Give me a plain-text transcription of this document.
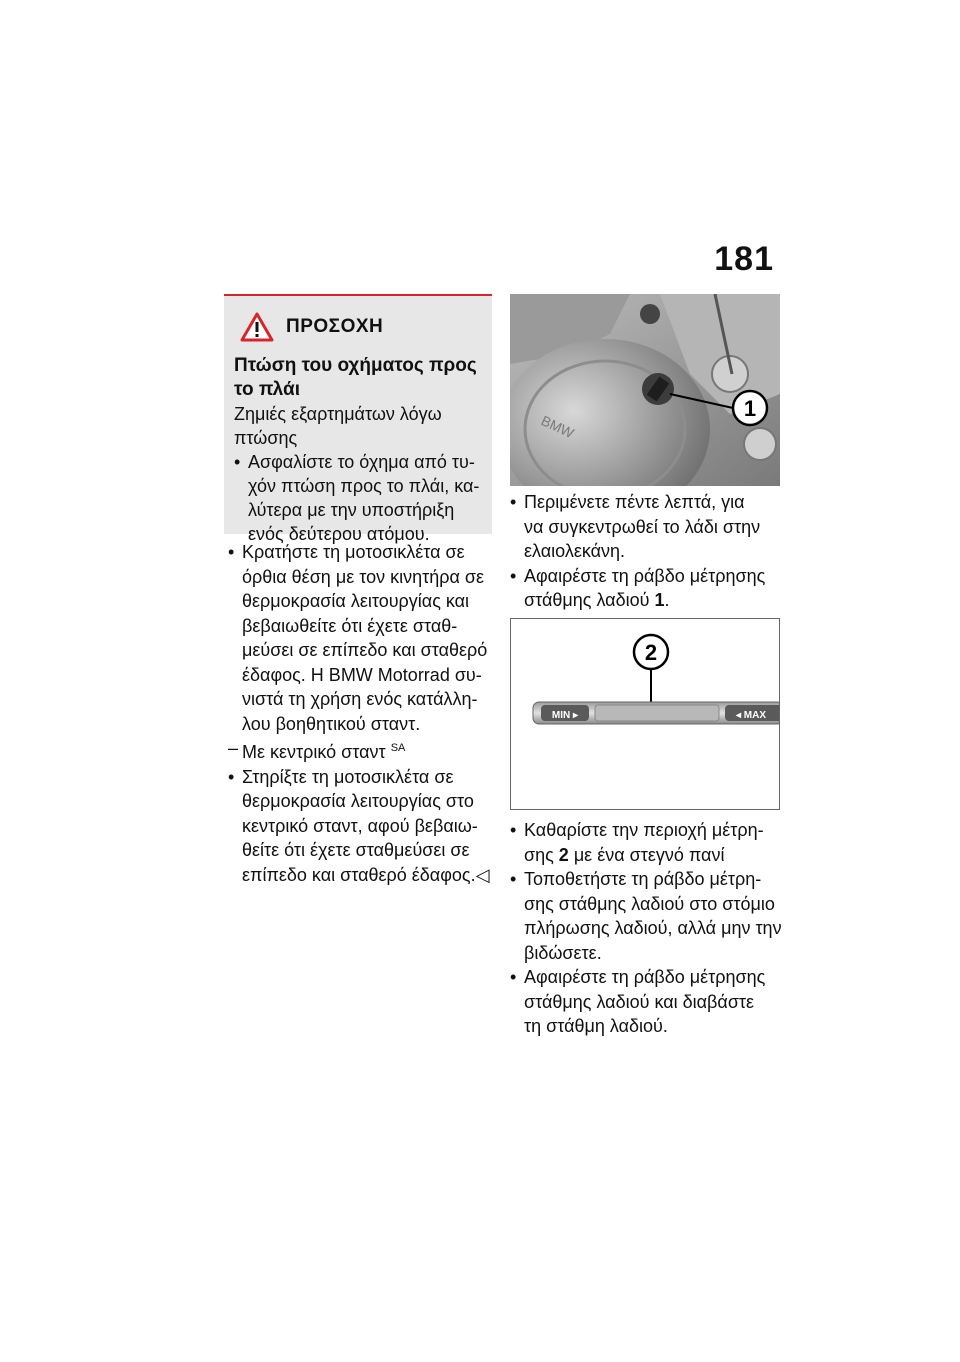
181
ΠΡΟΣΟΧΗ
Πτώση του οχήματος προς
το πλάι
Ζημιές εξαρτημάτων λόγω
πτώσης
• Ασφαλίστε το όχημα από τυ-
χόν πτώση προς το πλάι, κα-
λύτερα με την υποστήριξη
ενός δεύτερου ατόμου.
• Κρατήστε τη μοτοσικλέτα σε
όρθια θέση με τον κινητήρα σε
θερμοκρασία λειτουργίας και
βεβαιωθείτε ότι έχετε σταθ-
μεύσει σε επίπεδο και σταθερό
έδαφος. Η BMW Motorrad συ-
νιστά τη χρήση ενός κατάλλη-
λου βοηθητικού σταντ.
– Με κεντρικό σταντ $^{SA}$
• Στηρίξτε τη μοτοσικλέτα σε
θερμοκρασία λειτουργίας στο
κεντρικό σταντ, αφού βεβαιω-
θείτε ότι έχετε σταθμεύσει σε
επίπεδο και σταθερό έδαφος.◁
BMW
1
• Περιμένετε πέντε λεπτά, για
να συγκεντρωθεί το λάδι στην
ελαιολεκάνη.
• Αφαιρέστε τη ράβδο μέτρησης
στάθμης λαδιού 1.
2
MIN ▸	◂ MAX
• Καθαρίστε την περιοχή μέτρη-
σης 2 με ένα στεγνό πανί
• Τοποθετήστε τη ράβδο μέτρη-
σης στάθμης λαδιού στο στόμιο
πλήρωσης λαδιού, αλλά μην την
βιδώσετε.
• Αφαιρέστε τη ράβδο μέτρησης
στάθμης λαδιού και διαβάστε
τη στάθμη λαδιού.
